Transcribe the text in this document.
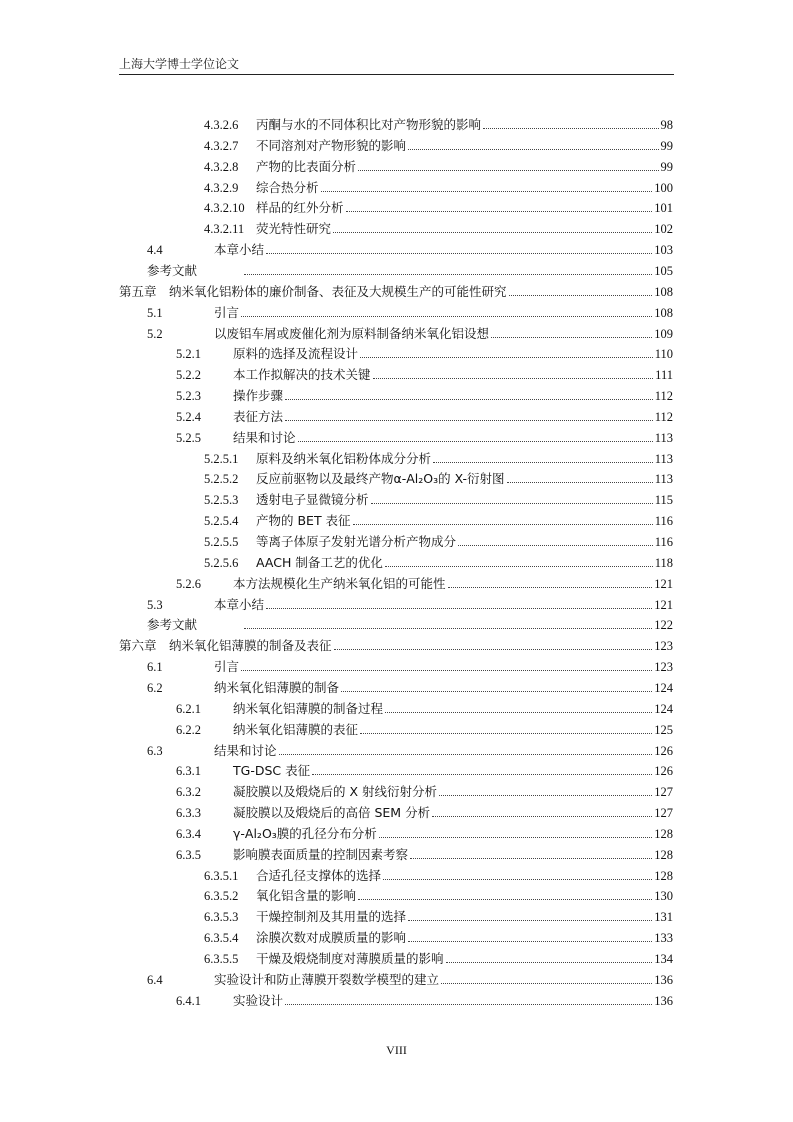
上海大学博士学位论文
4.3.2.6	丙酮与水的不同体积比对产物形貌的影响	98
4.3.2.7	不同溶剂对产物形貌的影响	99
4.3.2.8	产物的比表面分析	99
4.3.2.9	综合热分析	100
4.3.2.10 样品的红外分析	101
4.3.2.11 荧光特性研究	102
4.4	本章小结	103
参考文献	105
第五章 纳米氧化铝粉体的廉价制备、表征及大规模生产的可能性研究	108
5.1	引言	108
5.2	以废铝车屑或废催化剂为原料制备纳米氧化铝设想	109
5.2.1	原料的选择及流程设计	110
5.2.2	本工作拟解决的技术关键	111
5.2.3	操作步骤	112
5.2.4	表征方法	112
5.2.5	结果和讨论	113
5.2.5.1	原料及纳米氧化铝粉体成分分析	113
5.2.5.2	反应前驱物以及最终产物α-Al₂O₃的 X-衍射图	113
5.2.5.3	透射电子显微镜分析	115
5.2.5.4	产物的 BET 表征	116
5.2.5.5	等离子体原子发射光谱分析产物成分	116
5.2.5.6	AACH 制备工艺的优化	118
5.2.6	本方法规模化生产纳米氧化铝的可能性	121
5.3	本章小结	121
参考文献	122
第六章 纳米氧化铝薄膜的制备及表征	123
6.1	引言	123
6.2	纳米氧化铝薄膜的制备	124
6.2.1	纳米氧化铝薄膜的制备过程	124
6.2.2	纳米氧化铝薄膜的表征	125
6.3	结果和讨论	126
6.3.1	TG-DSC 表征	126
6.3.2	凝胶膜以及煅烧后的 X 射线衍射分析	127
6.3.3	凝胶膜以及煅烧后的高倍 SEM 分析	127
6.3.4	γ-Al₂O₃膜的孔径分布分析	128
6.3.5	影响膜表面质量的控制因素考察	128
6.3.5.1	合适孔径支撑体的选择	128
6.3.5.2	氧化铝含量的影响	130
6.3.5.3	干燥控制剂及其用量的选择	131
6.3.5.4	涂膜次数对成膜质量的影响	133
6.3.5.5	干燥及煅烧制度对薄膜质量的影响	134
6.4	实验设计和防止薄膜开裂数学模型的建立	136
6.4.1	实验设计	136
VIII
